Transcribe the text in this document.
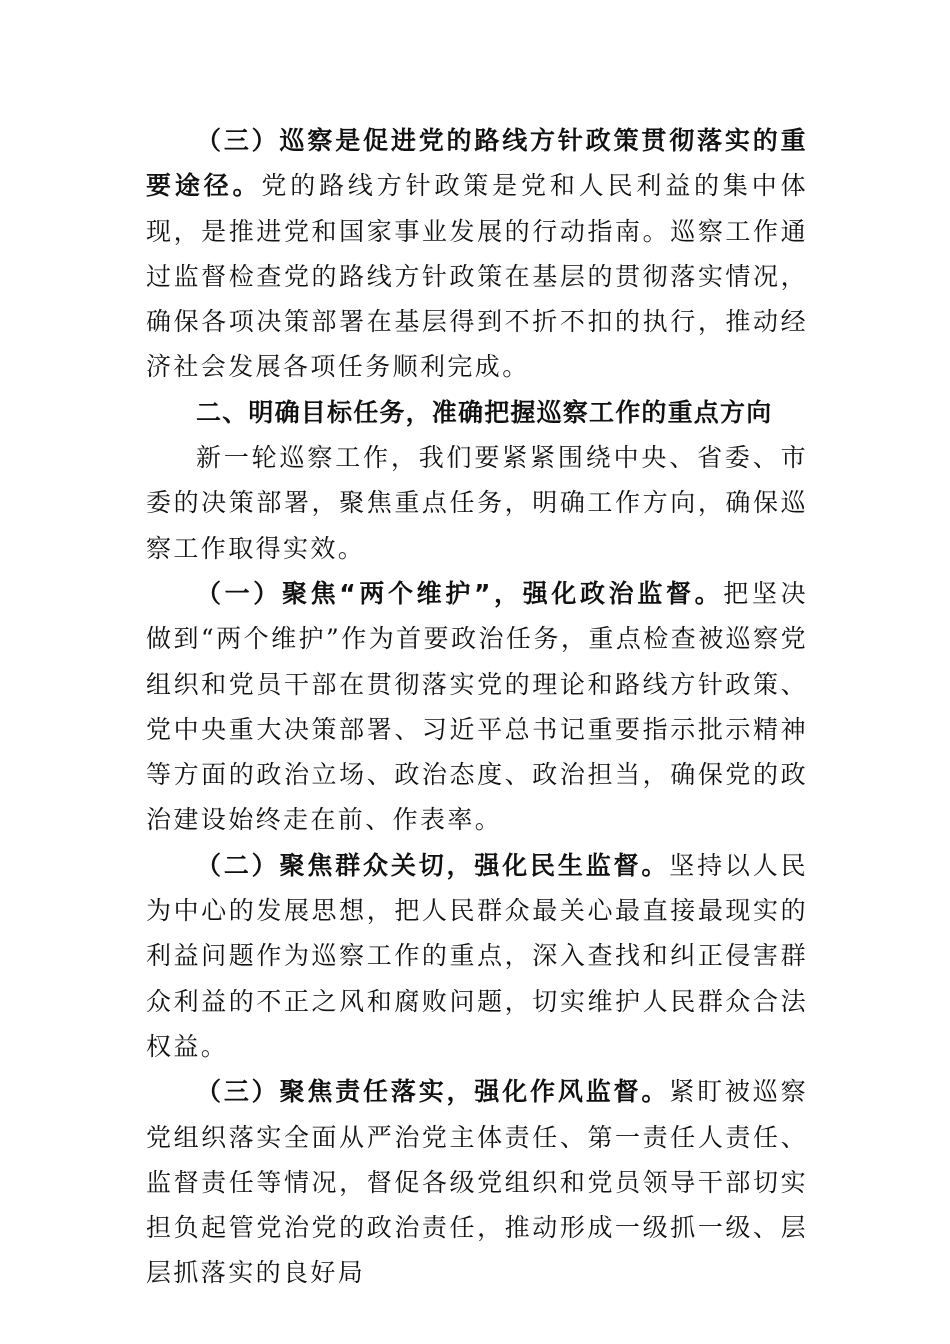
（三）巡察是促进党的路线方针政策贯彻落实的重要途径。党的路线方针政策是党和人民利益的集中体现，是推进党和国家事业发展的行动指南。巡察工作通过监督检查党的路线方针政策在基层的贯彻落实情况，确保各项决策部署在基层得到不折不扣的执行，推动经济社会发展各项任务顺利完成。

二、明确目标任务，准确把握巡察工作的重点方向

新一轮巡察工作，我们要紧紧围绕中央、省委、市委的决策部署，聚焦重点任务，明确工作方向，确保巡察工作取得实效。

（一）聚焦“两个维护”，强化政治监督。把坚决做到“两个维护”作为首要政治任务，重点检查被巡察党组织和党员干部在贯彻落实党的理论和路线方针政策、党中央重大决策部署、习近平总书记重要指示批示精神等方面的政治立场、政治态度、政治担当，确保党的政治建设始终走在前、作表率。

（二）聚焦群众关切，强化民生监督。坚持以人民为中心的发展思想，把人民群众最关心最直接最现实的利益问题作为巡察工作的重点，深入查找和纠正侵害群众利益的不正之风和腐败问题，切实维护人民群众合法权益。

（三）聚焦责任落实，强化作风监督。紧盯被巡察党组织落实全面从严治党主体责任、第一责任人责任、监督责任等情况，督促各级党组织和党员领导干部切实担负起管党治党的政治责任，推动形成一级抓一级、层层抓落实的良好局
